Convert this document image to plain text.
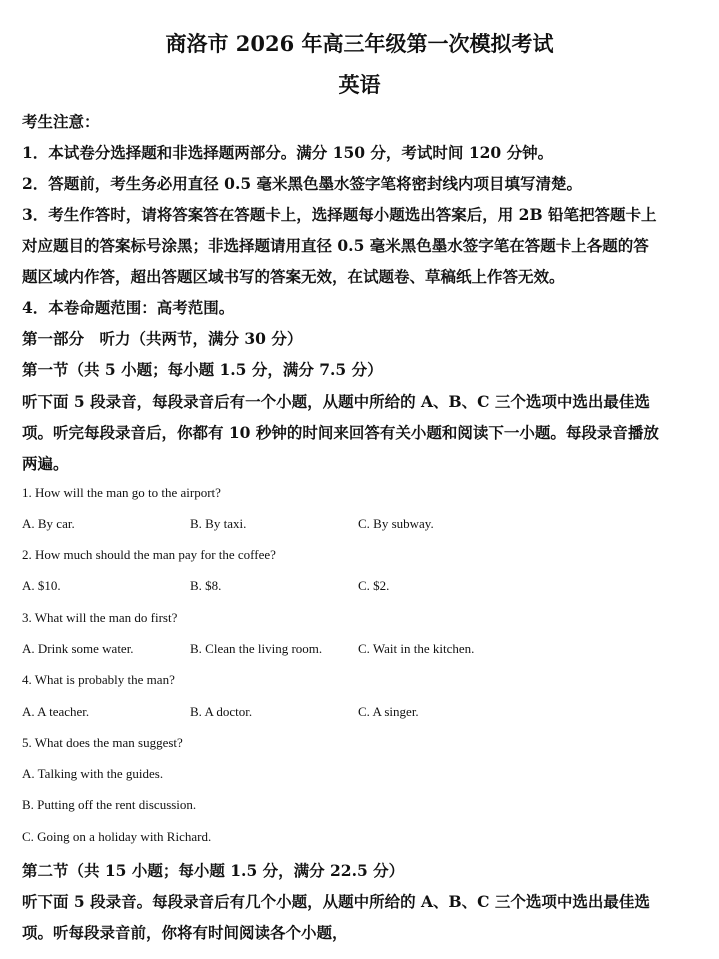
商洛市 2026 年高三年级第一次模拟考试
英语
考生注意：
1．本试卷分选择题和非选择题两部分。满分 150 分，考试时间 120 分钟。
2．答题前，考生务必用直径 0.5 毫米黑色墨水签字笔将密封线内项目填写清楚。
3．考生作答时，请将答案答在答题卡上，选择题每小题选出答案后，用 2B 铅笔把答题卡上
对应题目的答案标号涂黑；非选择题请用直径 0.5 毫米黑色墨水签字笔在答题卡上各题的答
题区域内作答，超出答题区域书写的答案无效，在试题卷、草稿纸上作答无效。
4．本卷命题范围：高考范围。
第一部分　听力（共两节，满分 30 分）
第一节（共 5 小题；每小题 1.5 分，满分 7.5 分）
听下面 5 段录音，每段录音后有一个小题，从题中所给的 A、B、C 三个选项中选出最佳选
项。听完每段录音后，你都有 10 秒钟的时间来回答有关小题和阅读下一小题。每段录音播放
两遍。
1. How will the man go to the airport?
A. By car.	B. By taxi.	C. By subway.
2. How much should the man pay for the coffee?
A. $10.	B. $8.	C. $2.
3. What will the man do first?
A. Drink some water.	B. Clean the living room.	C. Wait in the kitchen.
4. What is probably the man?
A. A teacher.	B. A doctor.	C. A singer.
5. What does the man suggest?
A. Talking with the guides.
B. Putting off the rent discussion.
C. Going on a holiday with Richard.
第二节（共 15 小题；每小题 1.5 分，满分 22.5 分）
听下面 5 段录音。每段录音后有几个小题，从题中所给的 A、B、C 三个选项中选出最佳选
项。听每段录音前，你将有时间阅读各个小题，
